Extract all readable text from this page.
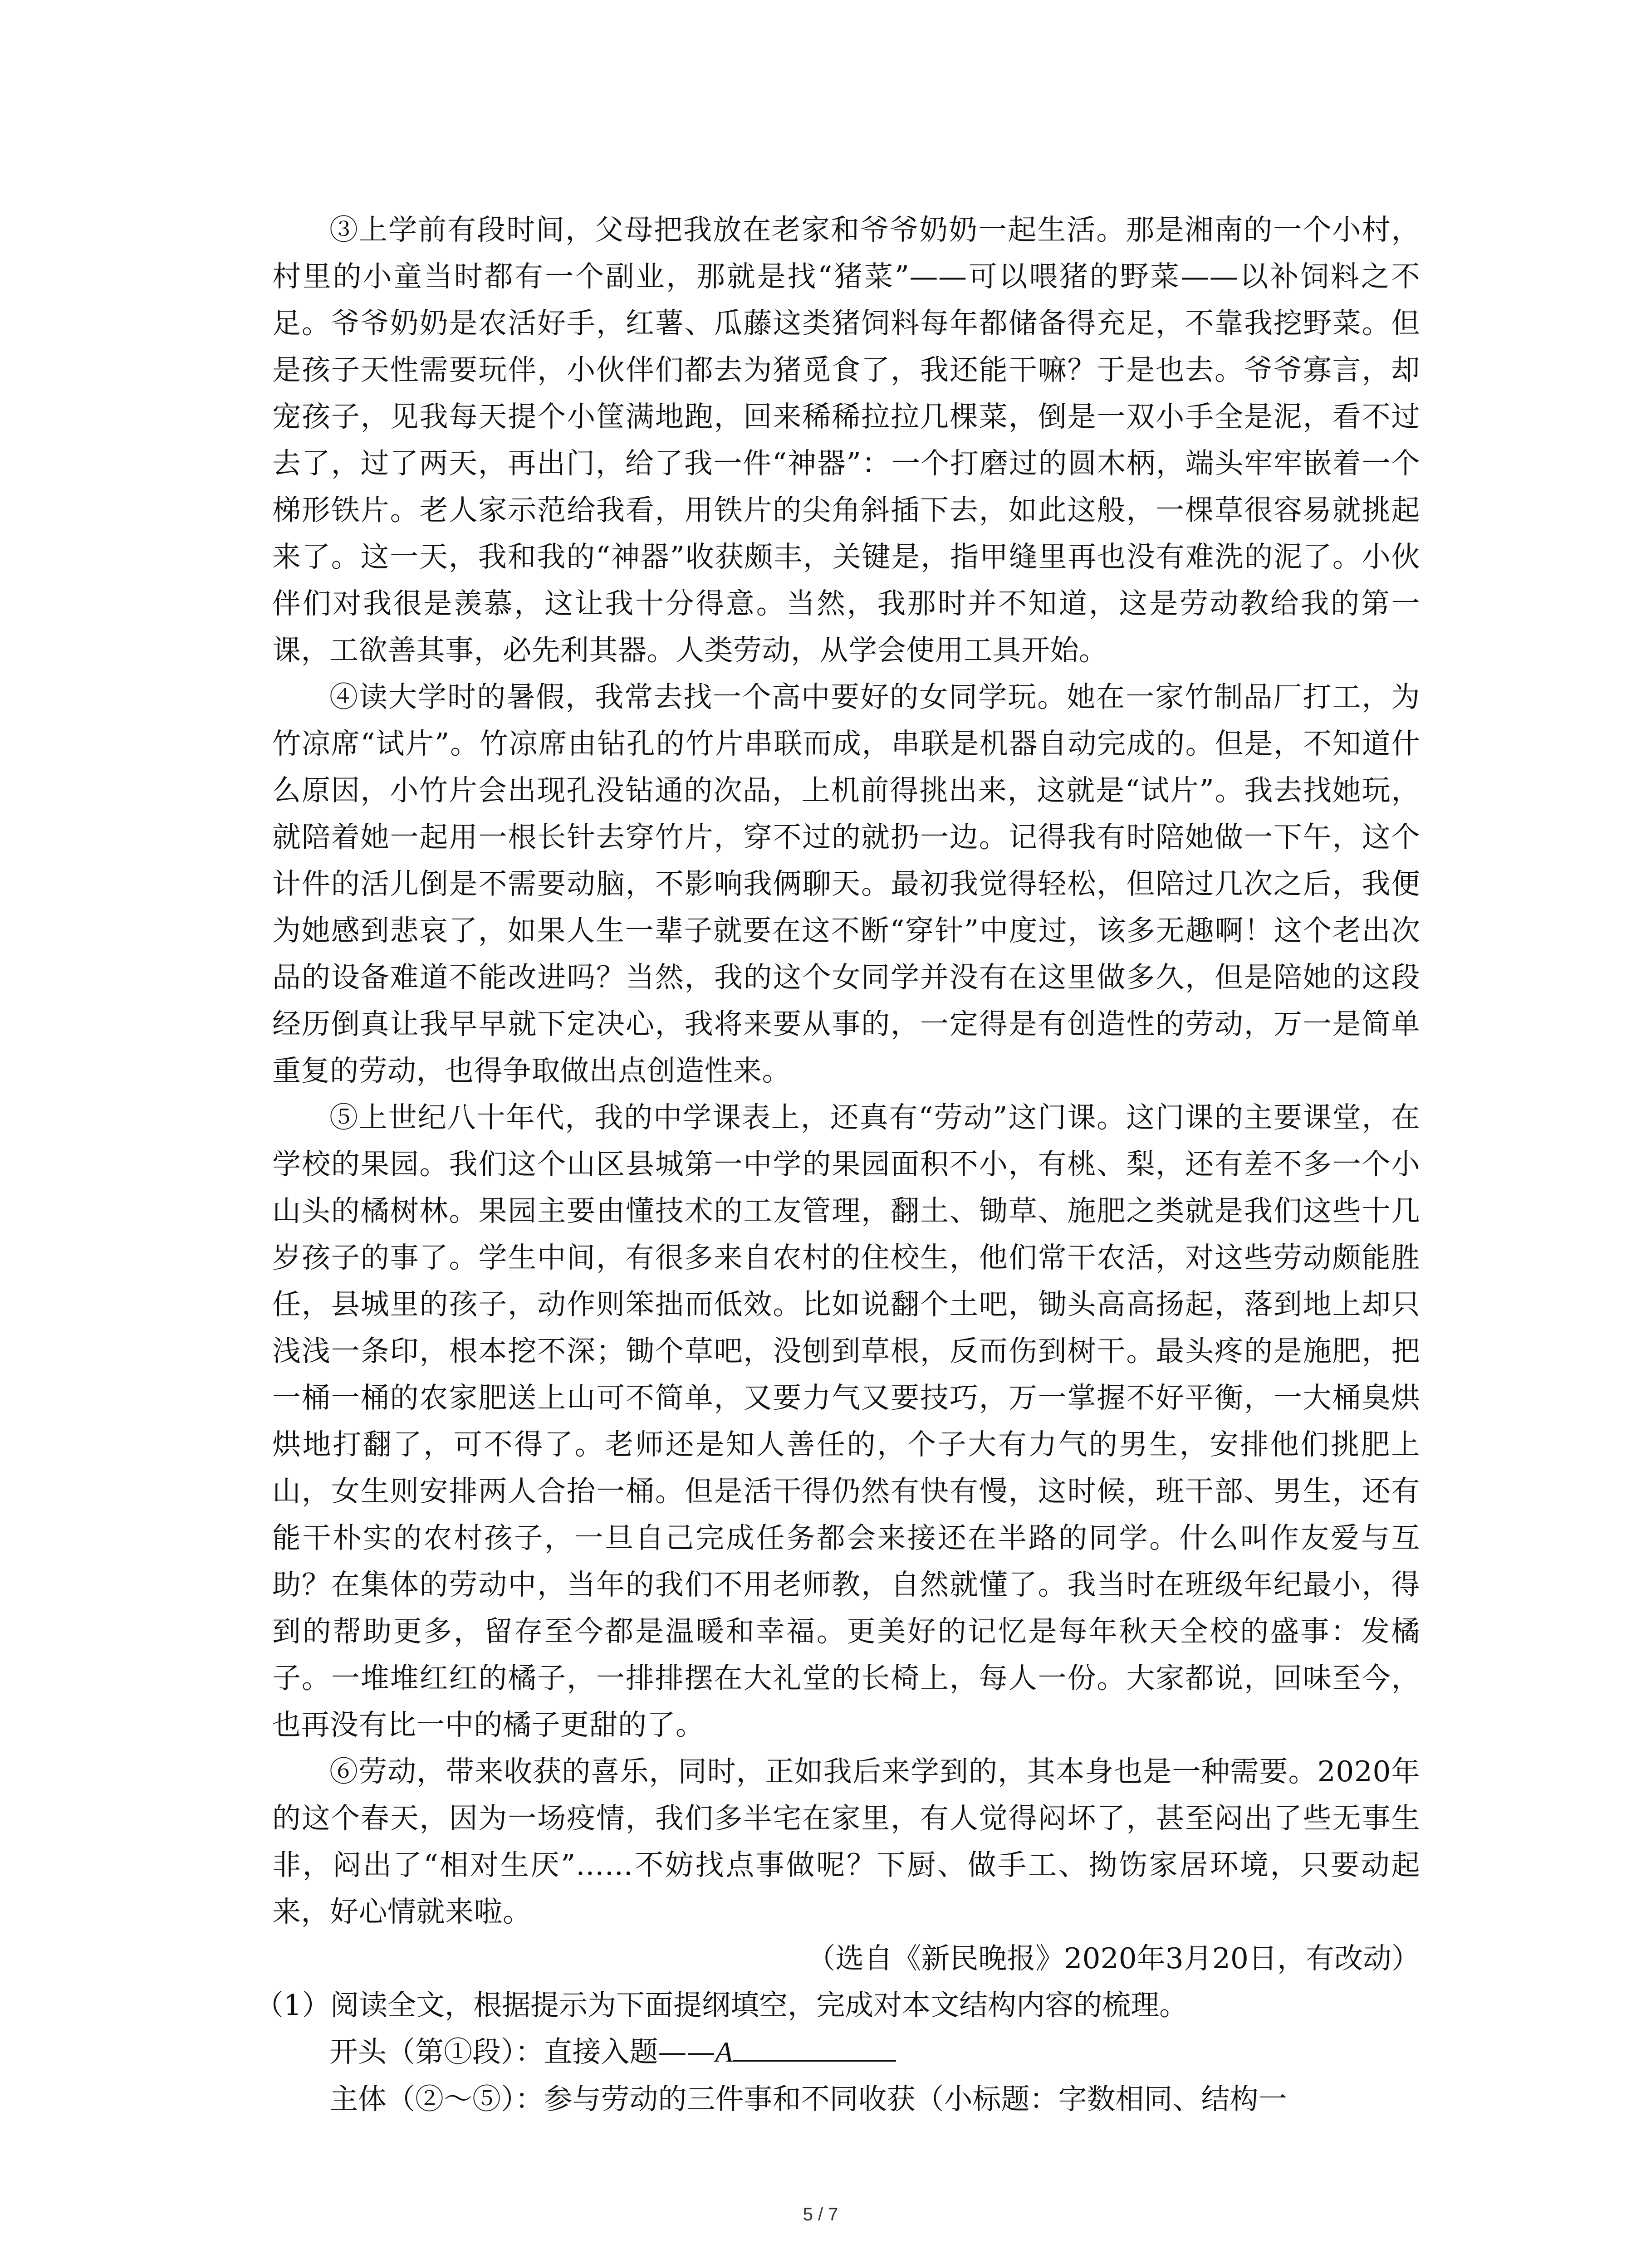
③上学前有段时间，父母把我放在老家和爷爷奶奶一起生活。那是湘南的一个小村，村里的小童当时都有一个副业，那就是找“猪菜”——可以喂猪的野菜——以补饲料之不足。爷爷奶奶是农活好手，红薯、瓜藤这类猪饲料每年都储备得充足，不靠我挖野菜。但是孩子天性需要玩伴，小伙伴们都去为猪觅食了，我还能干嘛？于是也去。爷爷寡言，却宠孩子，见我每天提个小筐满地跑，回来稀稀拉拉几棵菜，倒是一双小手全是泥，看不过去了，过了两天，再出门，给了我一件“神器”：一个打磨过的圆木柄，端头牢牢嵌着一个梯形铁片。老人家示范给我看，用铁片的尖角斜插下去，如此这般，一棵草很容易就挑起来了。这一天，我和我的“神器”收获颇丰，关键是，指甲缝里再也没有难洗的泥了。小伙伴们对我很是羡慕，这让我十分得意。当然，我那时并不知道，这是劳动教给我的第一课，工欲善其事，必先利其器。人类劳动，从学会使用工具开始。

④读大学时的暑假，我常去找一个高中要好的女同学玩。她在一家竹制品厂打工，为竹凉席“试片”。竹凉席由钻孔的竹片串联而成，串联是机器自动完成的。但是，不知道什么原因，小竹片会出现孔没钻通的次品，上机前得挑出来，这就是“试片”。我去找她玩，就陪着她一起用一根长针去穿竹片，穿不过的就扔一边。记得我有时陪她做一下午，这个计件的活儿倒是不需要动脑，不影响我俩聊天。最初我觉得轻松，但陪过几次之后，我便为她感到悲哀了，如果人生一辈子就要在这不断“穿针”中度过，该多无趣啊！这个老出次品的设备难道不能改进吗？当然，我的这个女同学并没有在这里做多久，但是陪她的这段经历倒真让我早早就下定决心，我将来要从事的，一定得是有创造性的劳动，万一是简单重复的劳动，也得争取做出点创造性来。

⑤上世纪八十年代，我的中学课表上，还真有“劳动”这门课。这门课的主要课堂，在学校的果园。我们这个山区县城第一中学的果园面积不小，有桃、梨，还有差不多一个小山头的橘树林。果园主要由懂技术的工友管理，翻土、锄草、施肥之类就是我们这些十几岁孩子的事了。学生中间，有很多来自农村的住校生，他们常干农活，对这些劳动颇能胜任，县城里的孩子，动作则笨拙而低效。比如说翻个土吧，锄头高高扬起，落到地上却只浅浅一条印，根本挖不深；锄个草吧，没刨到草根，反而伤到树干。最头疼的是施肥，把一桶一桶的农家肥送上山可不简单，又要力气又要技巧，万一掌握不好平衡，一大桶臭烘烘地打翻了，可不得了。老师还是知人善任的，个子大有力气的男生，安排他们挑肥上山，女生则安排两人合抬一桶。但是活干得仍然有快有慢，这时候，班干部、男生，还有能干朴实的农村孩子，一旦自己完成任务都会来接还在半路的同学。什么叫作友爱与互助？在集体的劳动中，当年的我们不用老师教，自然就懂了。我当时在班级年纪最小，得到的帮助更多，留存至今都是温暖和幸福。更美好的记忆是每年秋天全校的盛事：发橘子。一堆堆红红的橘子，一排排摆在大礼堂的长椅上，每人一份。大家都说，回味至今，也再没有比一中的橘子更甜的了。

⑥劳动，带来收获的喜乐，同时，正如我后来学到的，其本身也是一种需要。2020年的这个春天，因为一场疫情，我们多半宅在家里，有人觉得闷坏了，甚至闷出了些无事生非，闷出了“相对生厌”……不妨找点事做呢？下厨、做手工、拗饬家居环境，只要动起来，好心情就来啦。

（选自《新民晚报》2020年3月20日，有改动）

（1）阅读全文，根据提示为下面提纲填空，完成对本文结构内容的梳理。

开头（第①段）：直接入题——A

主体（②～⑤）：参与劳动的三件事和不同收获（小标题：字数相同、结构一

5 / 7
